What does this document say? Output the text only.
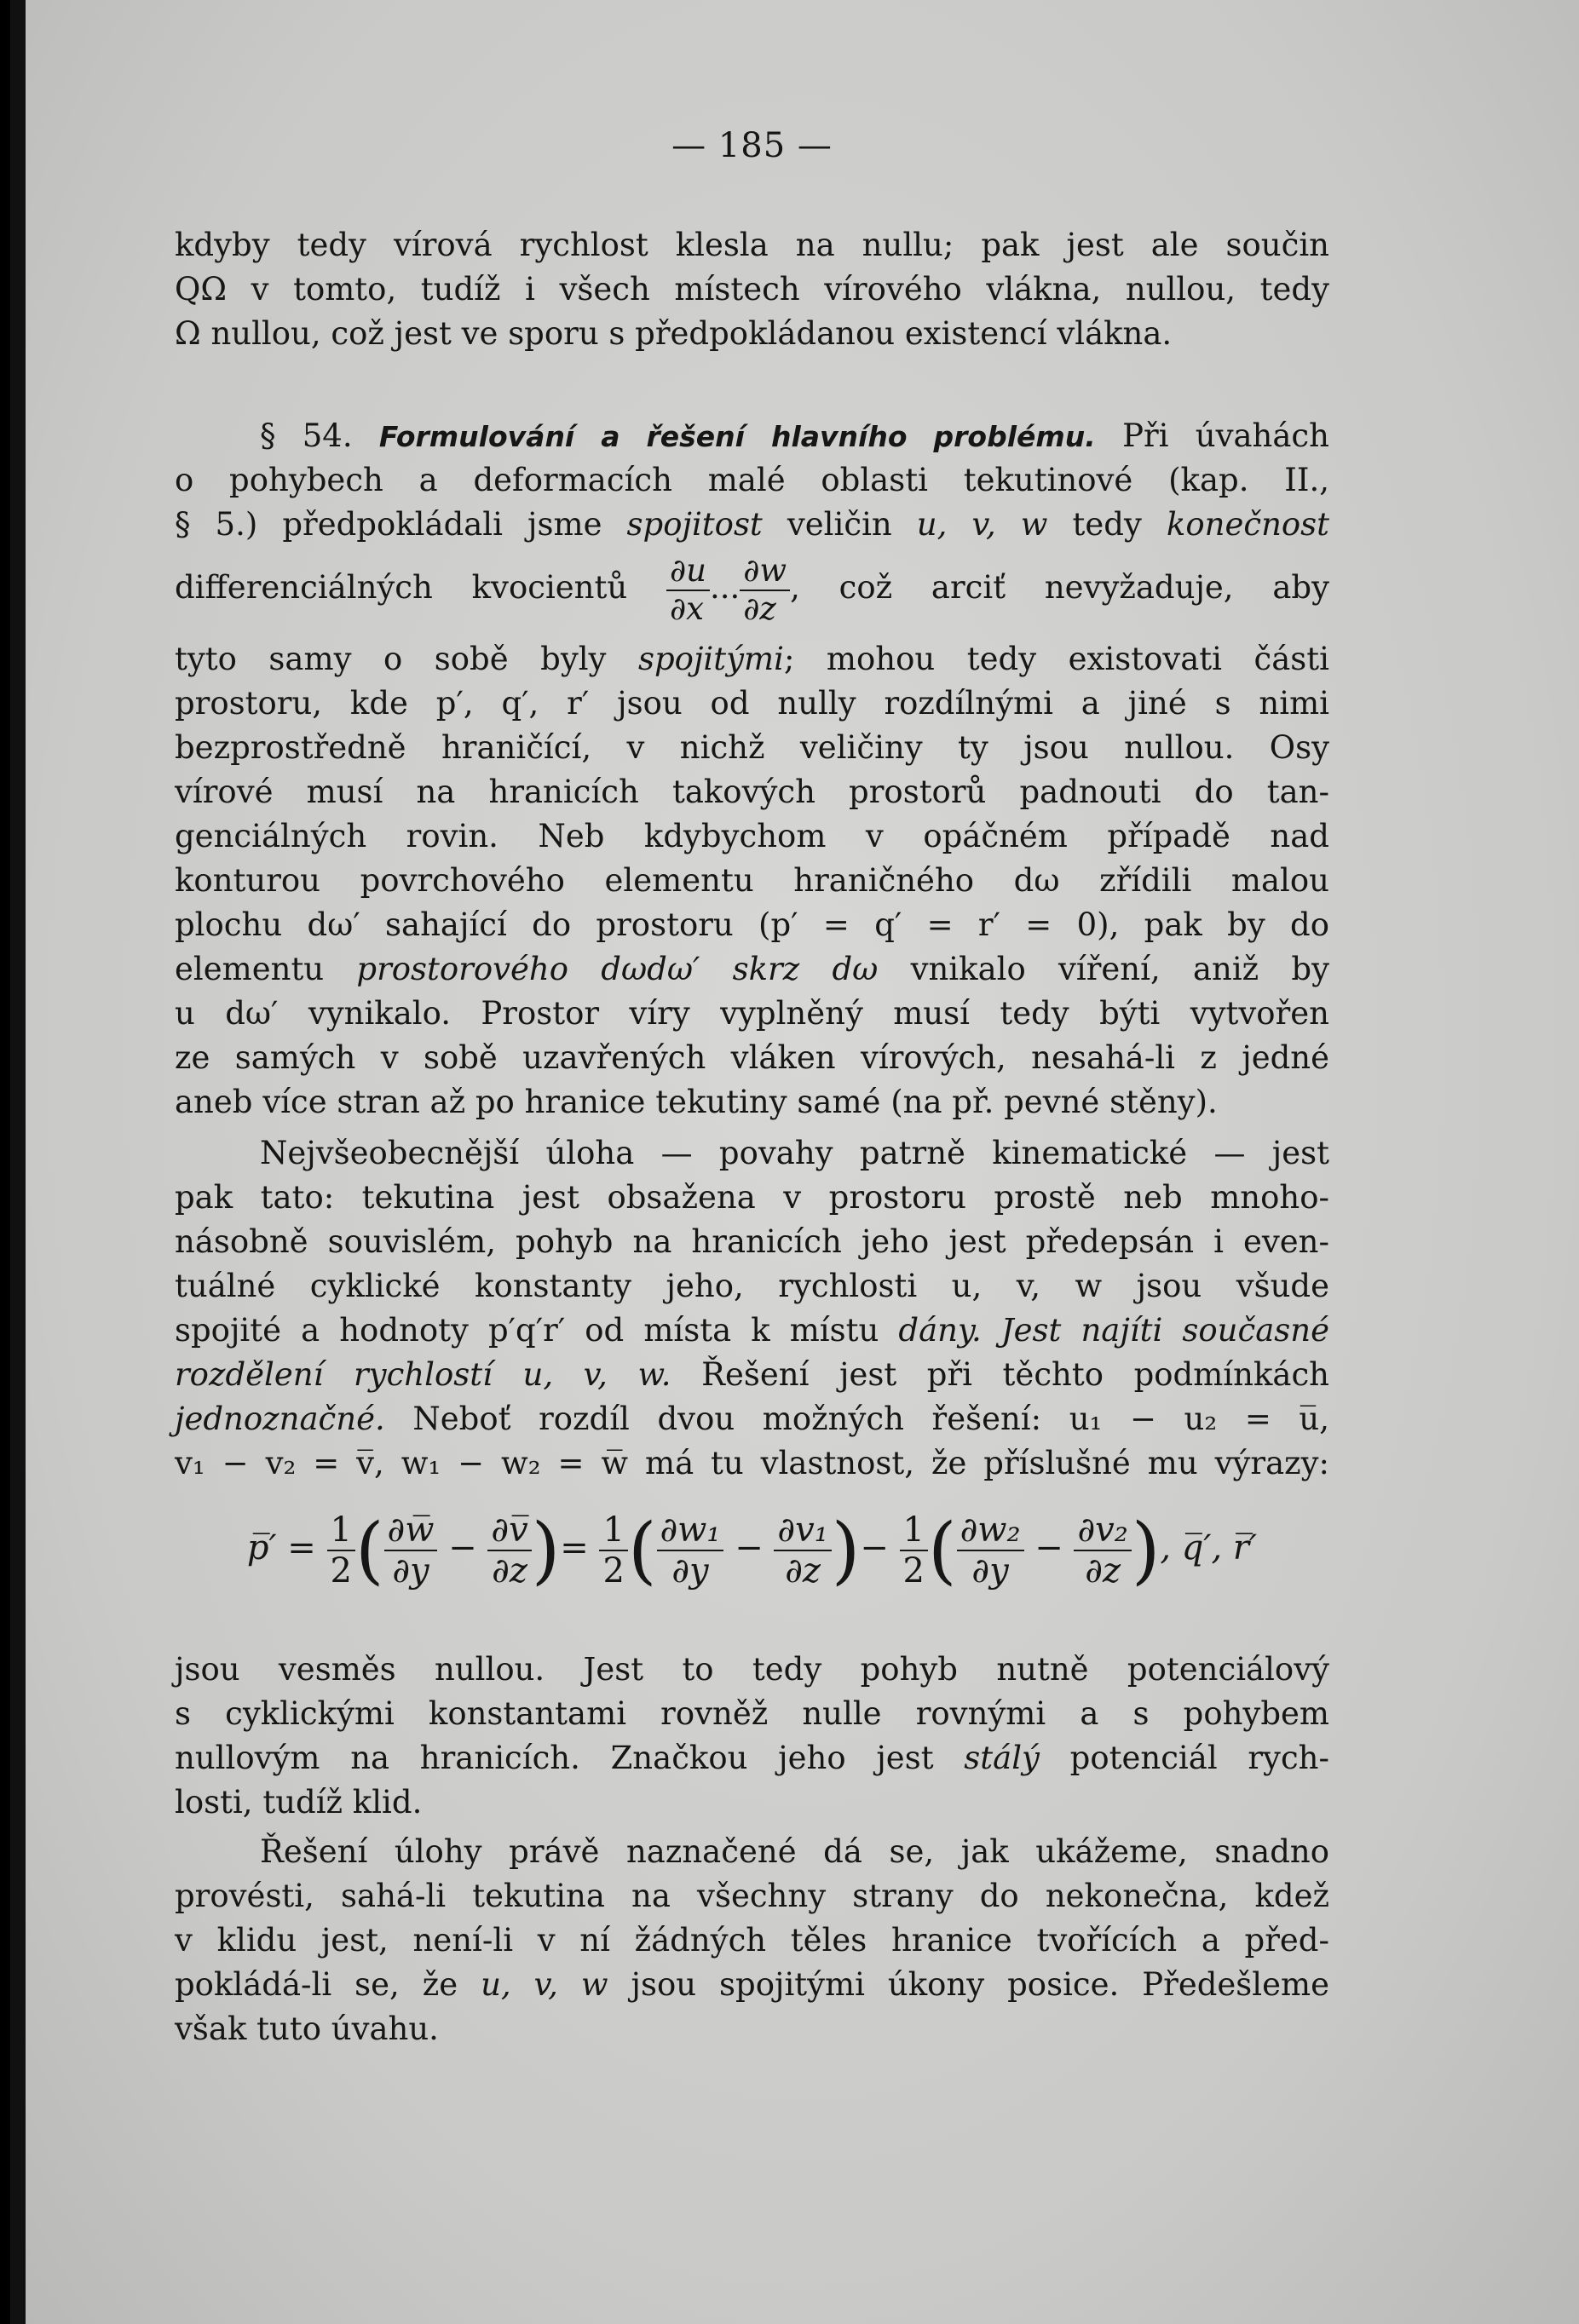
— 185 —
kdyby tedy vírová rychlost klesla na nullu; pak jest ale součin
QΩ v tomto, tudíž i všech místech vírového vlákna, nullou, tedy
Ω nullou, což jest ve sporu s předpokládanou existencí vlákna.
§ 54. Formulování a řešení hlavního problému. Při úvahách
o pohybech a deformacích malé oblasti tekutinové (kap. II.,
§ 5.) předpokládali jsme spojitost veličin u, v, w tedy konečnost
differenciálných kvocientů $\frac{\partial u}{\partial x}$ ... $\frac{\partial w}{\partial z}$ , což arciť nevyžaduje, aby
tyto samy o sobě byly spojitými; mohou tedy existovati části
prostoru, kde p′, q′, r′ jsou od nully rozdílnými a jiné s nimi
bezprostředně hraničící, v nichž veličiny ty jsou nullou. Osy
vírové musí na hranicích takových prostorů padnouti do tan-
genciálných rovin. Neb kdybychom v opáčném případě nad
konturou povrchového elementu hraničného dω zřídili malou
plochu dω′ sahající do prostoru (p′ = q′ = r′ = 0), pak by do
elementu prostorového dωdω′ skrz dω vnikalo víření, aniž by
u dω′ vynikalo. Prostor víry vyplněný musí tedy býti vytvořen
ze samých v sobě uzavřených vláken vírových, nesahá-li z jedné
aneb více stran až po hranice tekutiny samé (na př. pevné stěny).
Nejvšeobecnější úloha — povahy patrně kinematické — jest
pak tato: tekutina jest obsažena v prostoru prostě neb mnoho-
násobně souvislém, pohyb na hranicích jeho jest předepsán i even-
tuálné cyklické konstanty jeho, rychlosti u, v, w jsou všude
spojité a hodnoty p′q′r′ od místa k místu dány. Jest najíti současné
rozdělení rychlostí u, v, w. Řešení jest při těchto podmínkách
jednoznačné. Neboť rozdíl dvou možných řešení: u₁ − u₂ = u̅,
v₁ − v₂ = v̅, w₁ − w₂ = w̅ má tu vlastnost, že příslušné mu výrazy:
p̅′ = $\frac{1}{2}$ ( $\frac{\partial w̅}{\partial y} - \frac{\partial v̅}{\partial z}$ )= $\frac{1}{2}$ ( $\frac{\text{∂w₁}}{\partial y} - \frac{\text{∂v₁}}{\partial z}$ )− $\frac{1}{2}$ ( $\frac{\text{∂w₂}}{\partial y} - \frac{\text{∂v₂}}{\partial z}$ ), q̅′, r̅′
jsou vesměs nullou. Jest to tedy pohyb nutně potenciálový
s cyklickými konstantami rovněž nulle rovnými a s pohybem
nullovým na hranicích. Značkou jeho jest stálý potenciál rych-
losti, tudíž klid.
Řešení úlohy právě naznačené dá se, jak ukážeme, snadno
provésti, sahá-li tekutina na všechny strany do nekonečna, kdež
v klidu jest, není-li v ní žádných těles hranice tvořících a před-
pokládá-li se, že u, v, w jsou spojitými úkony posice. Předešleme
však tuto úvahu.
